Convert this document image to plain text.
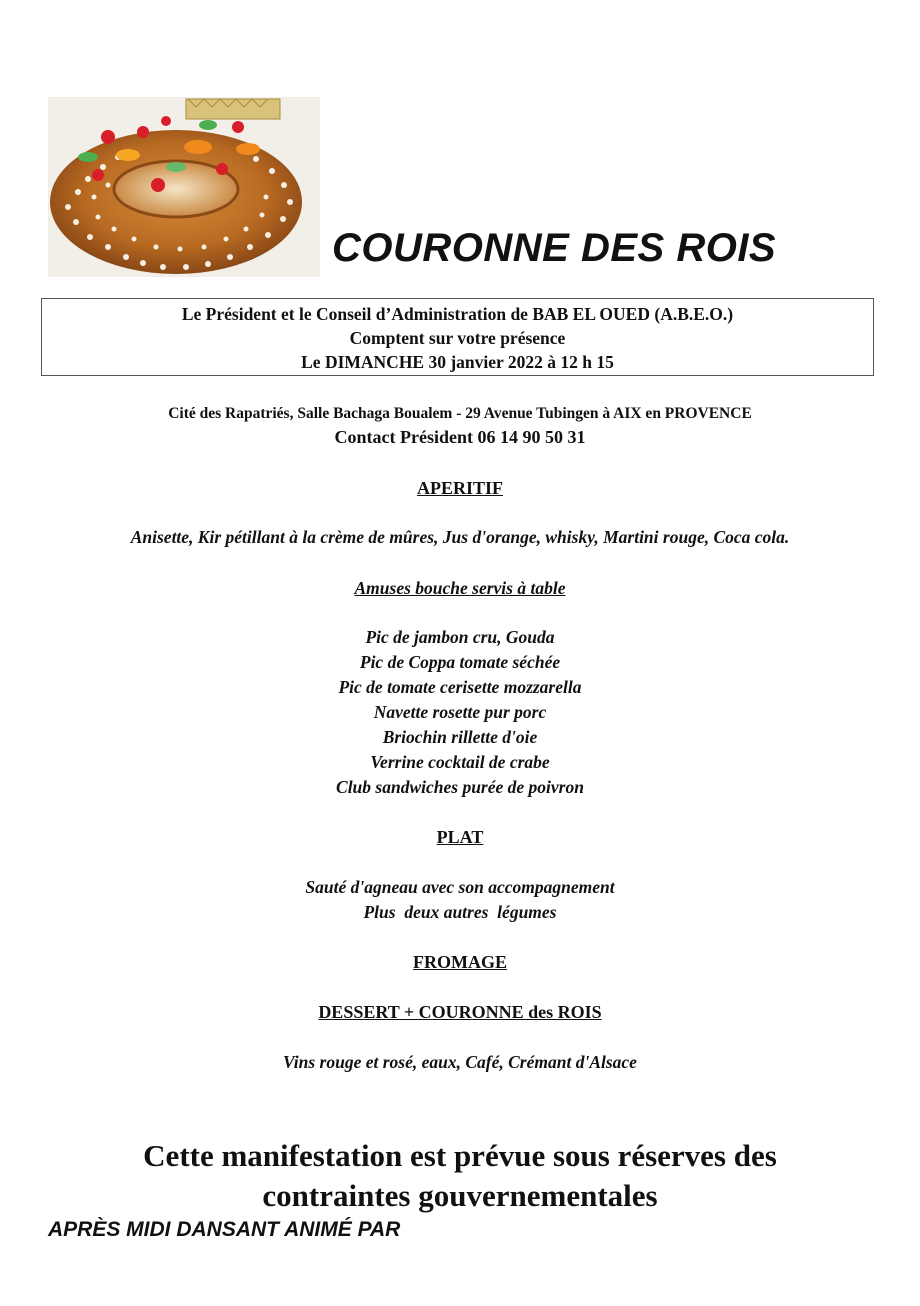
COURONNE DES ROIS
Le Président et le Conseil d’Administration de BAB EL OUED (A.B.E.O.)
Comptent sur votre présence
Le DIMANCHE 30 janvier 2022 à 12 h 15
Cité des Rapatriés, Salle Bachaga Boualem - 29 Avenue Tubingen à AIX en PROVENCE
Contact Président 06 14 90 50 31
APERITIF
Anisette, Kir pétillant à la crème de mûres, Jus d'orange, whisky, Martini rouge, Coca cola.
Amuses bouche servis à table
Pic de jambon cru, Gouda
Pic de Coppa tomate séchée
Pic de tomate cerisette mozzarella
Navette rosette pur porc
Briochin rillette d'oie
Verrine cocktail de crabe
Club sandwiches purée de poivron
PLAT
Sauté d'agneau avec son accompagnement
Plus  deux autres  légumes
FROMAGE
DESSERT + COURONNE des ROIS
Vins rouge et rosé, eaux, Café, Crémant d'Alsace
Cette manifestation est prévue sous réserves des
contraintes gouvernementales
APRÈS MIDI DANSANT ANIMÉ PAR
